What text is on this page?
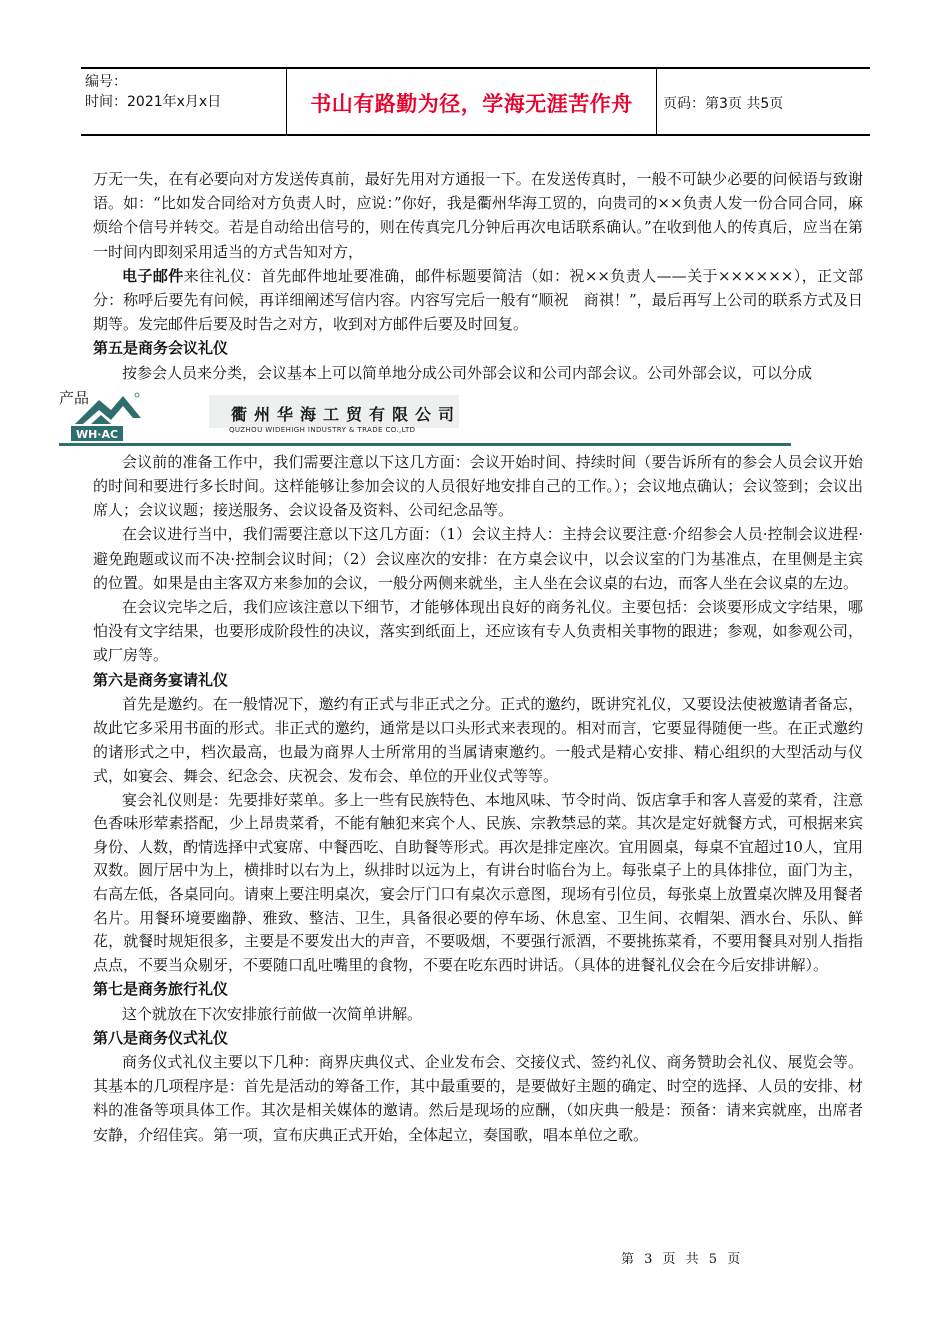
编号：
时间：2021年x月x日	书山有路勤为径，学海无涯苦作舟	页码：第3页 共5页

万无一失，在有必要向对方发送传真前，最好先用对方通报一下。在发送传真时，一般不可缺少必要的问候语与致谢语。如：“比如发合同给对方负责人时，应说：”你好，我是衢州华海工贸的，向贵司的××负责人发一份合同合同，麻烦给个信号并转交。若是自动给出信号的，则在传真完几分钟后再次电话联系确认。”在收到他人的传真后，应当在第一时间内即刻采用适当的方式告知对方，

电子邮件来往礼仪：首先邮件地址要准确，邮件标题要简洁（如：祝××负责人——关于××××××），正文部分：称呼后要先有问候，再详细阐述写信内容。内容写完后一般有“顺祝　商祺！”，最后再写上公司的联系方式及日期等。发完邮件后要及时告之对方，收到对方邮件后要及时回复。

第五是商务会议礼仪

按参会人员来分类，会议基本上可以简单地分成公司外部会议和公司内部会议。公司外部会议，可以分成

产品
WH·AC
衢州华海工贸有限公司
QUZHOU WIDEHIGH INDUSTRY & TRADE CO.,LTD

会议前的准备工作中，我们需要注意以下这几方面：会议开始时间、持续时间（要告诉所有的参会人员会议开始的时间和要进行多长时间。这样能够让参加会议的人员很好地安排自己的工作。）；会议地点确认；会议签到；会议出席人；会议议题；接送服务、会议设备及资料、公司纪念品等。

在会议进行当中，我们需要注意以下这几方面：（1）会议主持人：主持会议要注意·介绍参会人员·控制会议进程·避免跑题或议而不决·控制会议时间；（2）会议座次的安排：在方桌会议中，以会议室的门为基准点，在里侧是主宾的位置。如果是由主客双方来参加的会议，一般分两侧来就坐，主人坐在会议桌的右边，而客人坐在会议桌的左边。

在会议完毕之后，我们应该注意以下细节，才能够体现出良好的商务礼仪。主要包括：会谈要形成文字结果，哪怕没有文字结果，也要形成阶段性的决议，落实到纸面上，还应该有专人负责相关事物的跟进；参观，如参观公司，或厂房等。

第六是商务宴请礼仪

首先是邀约。在一般情况下，邀约有正式与非正式之分。正式的邀约，既讲究礼仪，又要设法使被邀请者备忘，故此它多采用书面的形式。非正式的邀约，通常是以口头形式来表现的。相对而言，它要显得随便一些。在正式邀约的诸形式之中，档次最高，也最为商界人士所常用的当属请柬邀约。一般式是精心安排、精心组织的大型活动与仪式，如宴会、舞会、纪念会、庆祝会、发布会、单位的开业仪式等等。

宴会礼仪则是：先要排好菜单。多上一些有民族特色、本地风味、节令时尚、饭店拿手和客人喜爱的菜肴，注意色香味形荤素搭配，少上昂贵菜肴，不能有触犯来宾个人、民族、宗教禁忌的菜。其次是定好就餐方式，可根据来宾身份、人数，酌情选择中式宴席、中餐西吃、自助餐等形式。再次是排定座次。宜用圆桌，每桌不宜超过10人，宜用双数。圆厅居中为上，横排时以右为上，纵排时以远为上，有讲台时临台为上。每张桌子上的具体排位，面门为主，右高左低，各桌同向。请柬上要注明桌次，宴会厅门口有桌次示意图，现场有引位员，每张桌上放置桌次牌及用餐者名片。用餐环境要幽静、雅致、整洁、卫生，具备很必要的停车场、休息室、卫生间、衣帽架、酒水台、乐队、鲜花，就餐时规矩很多，主要是不要发出大的声音，不要吸烟，不要强行派酒，不要挑拣菜肴，不要用餐具对别人指指点点，不要当众剔牙，不要随口乱吐嘴里的食物，不要在吃东西时讲话。（具体的进餐礼仪会在今后安排讲解）。

第七是商务旅行礼仪

这个就放在下次安排旅行前做一次简单讲解。

第八是商务仪式礼仪

商务仪式礼仪主要以下几种：商界庆典仪式、企业发布会、交接仪式、签约礼仪、商务赞助会礼仪、展览会等。其基本的几项程序是：首先是活动的筹备工作，其中最重要的，是要做好主题的确定、时空的选择、人员的安排、材料的准备等项具体工作。其次是相关媒体的邀请。然后是现场的应酬，（如庆典一般是：预备：请来宾就座，出席者安静，介绍佳宾。第一项，宣布庆典正式开始，全体起立，奏国歌，唱本单位之歌。

第 3 页 共 5 页
